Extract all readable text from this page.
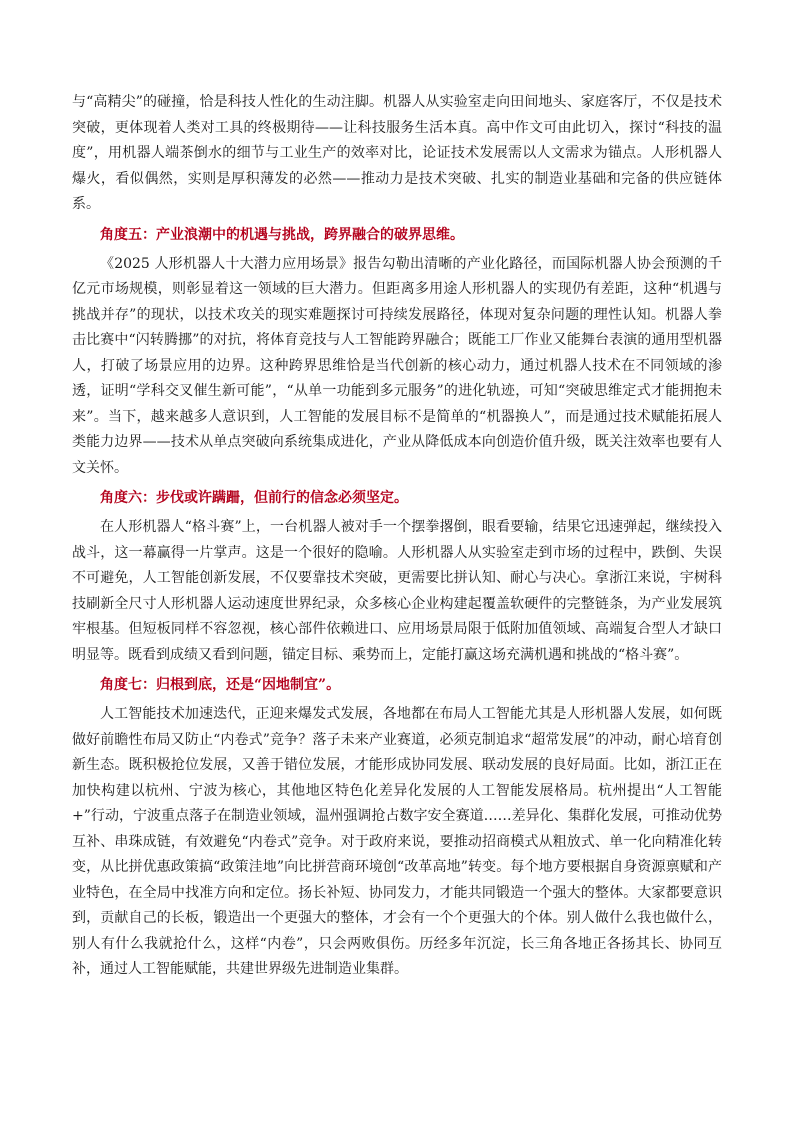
与“高精尖”的碰撞，恰是科技人性化的生动注脚。机器人从实验室走向田间地头、家庭客厅，不仅是技术突破，更体现着人类对工具的终极期待——让科技服务生活本真。高中作文可由此切入，探讨“科技的温度”，用机器人端茶倒水的细节与工业生产的效率对比，论证技术发展需以人文需求为锚点。人形机器人爆火，看似偶然，实则是厚积薄发的必然——推动力是技术突破、扎实的制造业基础和完备的供应链体系。

角度五：产业浪潮中的机遇与挑战，跨界融合的破界思维。

《2025 人形机器人十大潜力应用场景》报告勾勒出清晰的产业化路径，而国际机器人协会预测的千亿元市场规模，则彰显着这一领域的巨大潜力。但距离多用途人形机器人的实现仍有差距，这种“机遇与挑战并存”的现状，以技术攻关的现实难题探讨可持续发展路径，体现对复杂问题的理性认知。机器人拳击比赛中“闪转腾挪”的对抗，将体育竞技与人工智能跨界融合；既能工厂作业又能舞台表演的通用型机器人，打破了场景应用的边界。这种跨界思维恰是当代创新的核心动力，通过机器人技术在不同领域的渗透，证明“学科交叉催生新可能”，“从单一功能到多元服务”的进化轨迹，可知“突破思维定式才能拥抱未来”。当下，越来越多人意识到，人工智能的发展目标不是简单的“机器换人”，而是通过技术赋能拓展人类能力边界——技术从单点突破向系统集成进化，产业从降低成本向创造价值升级，既关注效率也要有人文关怀。

角度六：步伐或许蹒跚，但前行的信念必须坚定。

在人形机器人“格斗赛”上，一台机器人被对手一个摆拳撂倒，眼看要输，结果它迅速弹起，继续投入战斗，这一幕赢得一片掌声。这是一个很好的隐喻。人形机器人从实验室走到市场的过程中，跌倒、失误不可避免，人工智能创新发展，不仅要靠技术突破，更需要比拼认知、耐心与决心。拿浙江来说，宇树科技刷新全尺寸人形机器人运动速度世界纪录，众多核心企业构建起覆盖软硬件的完整链条，为产业发展筑牢根基。但短板同样不容忽视，核心部件依赖进口、应用场景局限于低附加值领域、高端复合型人才缺口明显等。既看到成绩又看到问题，锚定目标、乘势而上，定能打赢这场充满机遇和挑战的“格斗赛”。

角度七：归根到底，还是“因地制宜”。

人工智能技术加速迭代，正迎来爆发式发展，各地都在布局人工智能尤其是人形机器人发展，如何既做好前瞻性布局又防止“内卷式”竞争？落子未来产业赛道，必须克制追求“超常发展”的冲动，耐心培育创新生态。既积极抢位发展，又善于错位发展，才能形成协同发展、联动发展的良好局面。比如，浙江正在加快构建以杭州、宁波为核心，其他地区特色化差异化发展的人工智能发展格局。杭州提出“人工智能+”行动，宁波重点落子在制造业领域，温州强调抢占数字安全赛道……差异化、集群化发展，可推动优势互补、串珠成链，有效避免“内卷式”竞争。对于政府来说，要推动招商模式从粗放式、单一化向精准化转变，从比拼优惠政策搞“政策洼地”向比拼营商环境创“改革高地”转变。每个地方要根据自身资源禀赋和产业特色，在全局中找准方向和定位。扬长补短、协同发力，才能共同锻造一个强大的整体。大家都要意识到，贡献自己的长板，锻造出一个更强大的整体，才会有一个个更强大的个体。别人做什么我也做什么，别人有什么我就抢什么，这样“内卷”，只会两败俱伤。历经多年沉淀，长三角各地正各扬其长、协同互补，通过人工智能赋能，共建世界级先进制造业集群。
